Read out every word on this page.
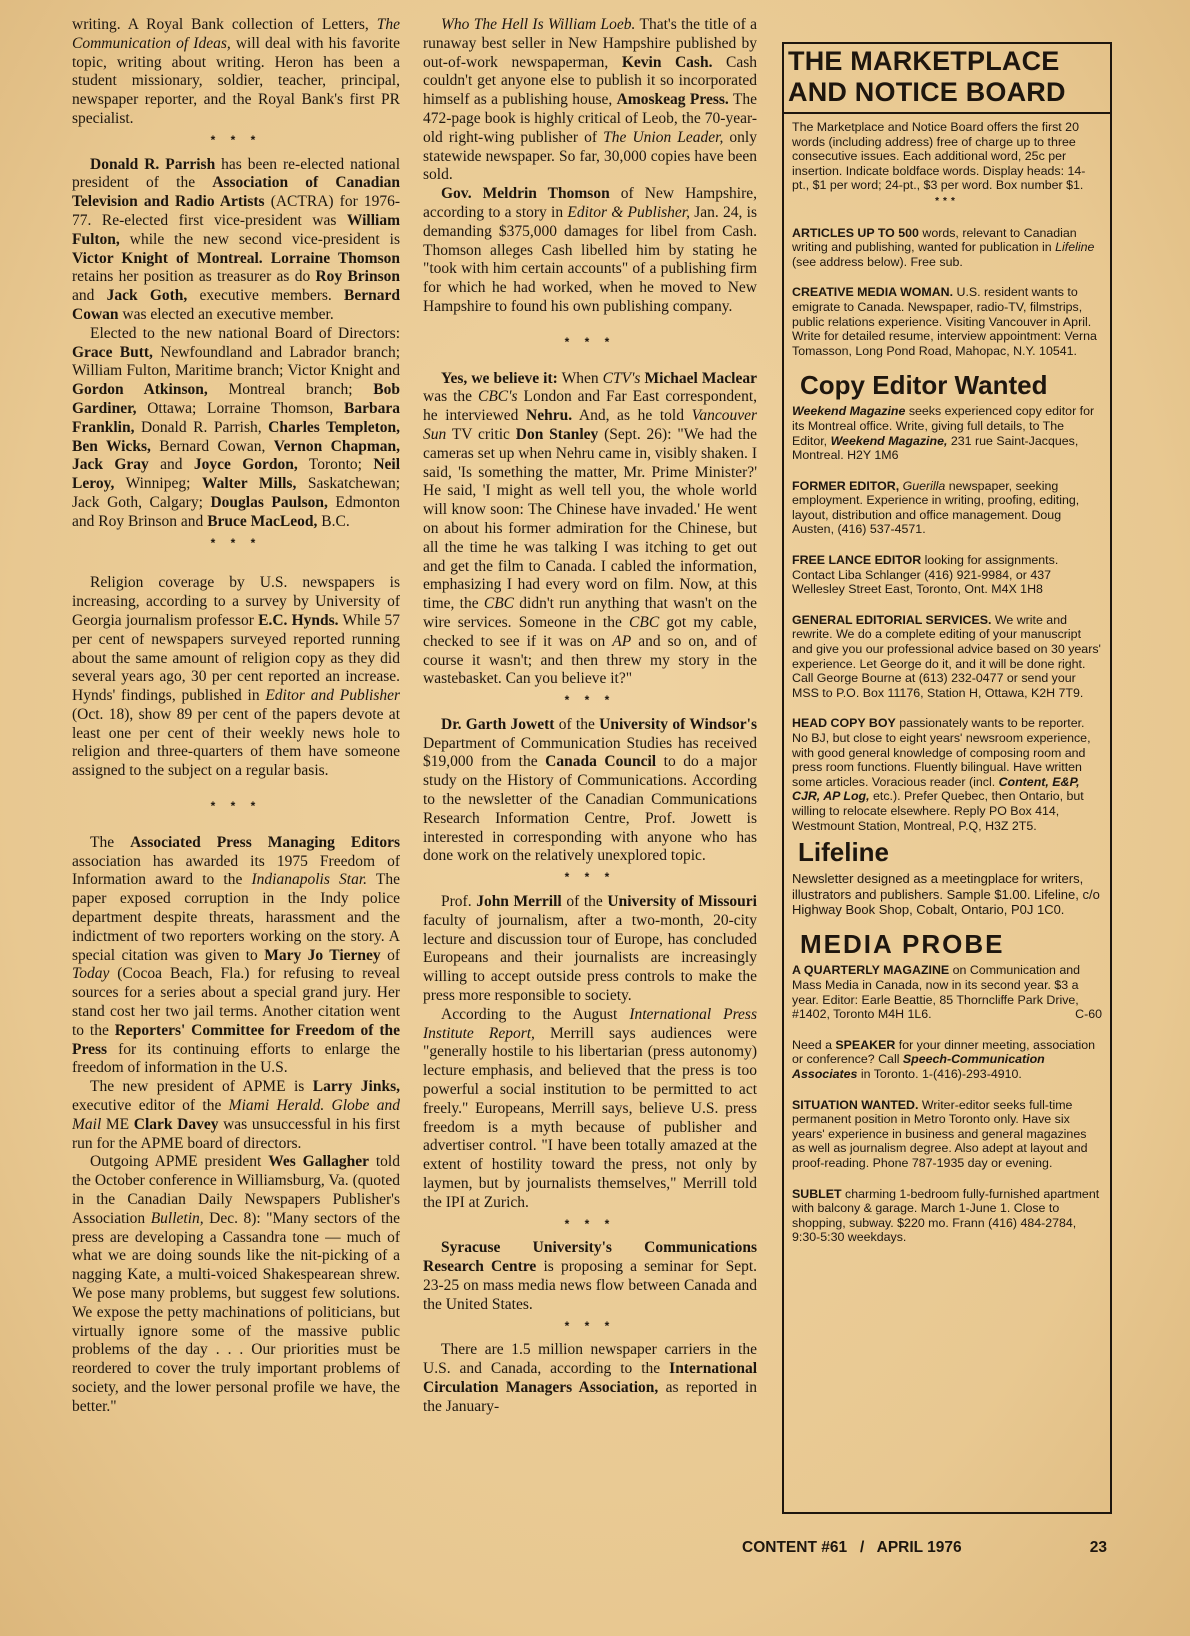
writing. A Royal Bank collection of Letters, The Communication of Ideas, will deal with his favorite topic, writing about writing. Heron has been a student missionary, soldier, teacher, principal, newspaper reporter, and the Royal Bank's first PR specialist.

* * *

Donald R. Parrish has been re-elected national president of the Association of Canadian Television and Radio Artists (ACTRA) for 1976-77. Re-elected first vice-president was William Fulton, while the new second vice-president is Victor Knight of Montreal. Lorraine Thomson retains her position as treasurer as do Roy Brinson and Jack Goth, executive members. Bernard Cowan was elected an executive member.

Elected to the new national Board of Directors: Grace Butt, Newfoundland and Labrador branch; William Fulton, Maritime branch; Victor Knight and Gordon Atkinson, Montreal branch; Bob Gardiner, Ottawa; Lorraine Thomson, Barbara Franklin, Donald R. Parrish, Charles Templeton, Ben Wicks, Bernard Cowan, Vernon Chapman, Jack Gray and Joyce Gordon, Toronto; Neil Leroy, Winnipeg; Walter Mills, Saskatchewan; Jack Goth, Calgary; Douglas Paulson, Edmonton and Roy Brinson and Bruce MacLeod, B.C.

* * *

Religion coverage by U.S. newspapers is increasing, according to a survey by University of Georgia journalism professor E.C. Hynds. While 57 per cent of newspapers surveyed reported running about the same amount of religion copy as they did several years ago, 30 per cent reported an increase. Hynds' findings, published in Editor and Publisher (Oct. 18), show 89 per cent of the papers devote at least one per cent of their weekly news hole to religion and three-quarters of them have someone assigned to the subject on a regular basis.

* * *

The Associated Press Managing Editors association has awarded its 1975 Freedom of Information award to the Indianapolis Star. The paper exposed corruption in the Indy police department despite threats, harassment and the indictment of two reporters working on the story. A special citation was given to Mary Jo Tierney of Today (Cocoa Beach, Fla.) for refusing to reveal sources for a series about a special grand jury. Her stand cost her two jail terms. Another citation went to the Reporters' Committee for Freedom of the Press for its continuing efforts to enlarge the freedom of information in the U.S.

The new president of APME is Larry Jinks, executive editor of the Miami Herald. Globe and Mail ME Clark Davey was unsuccessful in his first run for the APME board of directors.

Outgoing APME president Wes Gallagher told the October conference in Williamsburg, Va. (quoted in the Canadian Daily Newspapers Publisher's Association Bulletin, Dec. 8): "Many sectors of the press are developing a Cassandra tone — much of what we are doing sounds like the nit-picking of a nagging Kate, a multi-voiced Shakespearean shrew. We pose many problems, but suggest few solutions. We expose the petty machinations of politicians, but virtually ignore some of the massive public problems of the day . . . Our priorities must be reordered to cover the truly important problems of society, and the lower personal profile we have, the better."

Who The Hell Is William Loeb. That's the title of a runaway best seller in New Hampshire published by out-of-work newspaperman, Kevin Cash. Cash couldn't get anyone else to publish it so incorporated himself as a publishing house, Amoskeag Press. The 472-page book is highly critical of Leob, the 70-year-old right-wing publisher of The Union Leader, only statewide newspaper. So far, 30,000 copies have been sold.

Gov. Meldrin Thomson of New Hampshire, according to a story in Editor & Publisher, Jan. 24, is demanding $375,000 damages for libel from Cash. Thomson alleges Cash libelled him by stating he "took with him certain accounts" of a publishing firm for which he had worked, when he moved to New Hampshire to found his own publishing company.

* * *

Yes, we believe it: When CTV's Michael Maclear was the CBC's London and Far East correspondent, he interviewed Nehru. And, as he told Vancouver Sun TV critic Don Stanley (Sept. 26): "We had the cameras set up when Nehru came in, visibly shaken. I said, 'Is something the matter, Mr. Prime Minister?' He said, 'I might as well tell you, the whole world will know soon: The Chinese have invaded.' He went on about his former admiration for the Chinese, but all the time he was talking I was itching to get out and get the film to Canada. I cabled the information, emphasizing I had every word on film. Now, at this time, the CBC didn't run anything that wasn't on the wire services. Someone in the CBC got my cable, checked to see if it was on AP and so on, and of course it wasn't; and then threw my story in the wastebasket. Can you believe it?"

* * *

Dr. Garth Jowett of the University of Windsor's Department of Communication Studies has received $19,000 from the Canada Council to do a major study on the History of Communications. According to the newsletter of the Canadian Communications Research Information Centre, Prof. Jowett is interested in corresponding with anyone who has done work on the relatively unexplored topic.

* * *

Prof. John Merrill of the University of Missouri faculty of journalism, after a two-month, 20-city lecture and discussion tour of Europe, has concluded Europeans and their journalists are increasingly willing to accept outside press controls to make the press more responsible to society.

According to the August International Press Institute Report, Merrill says audiences were "generally hostile to his libertarian (press autonomy) lecture emphasis, and believed that the press is too powerful a social institution to be permitted to act freely." Europeans, Merrill says, believe U.S. press freedom is a myth because of publisher and advertiser control. "I have been totally amazed at the extent of hostility toward the press, not only by laymen, but by journalists themselves," Merrill told the IPI at Zurich.

* * *

Syracuse University's Communications Research Centre is proposing a seminar for Sept. 23-25 on mass media news flow between Canada and the United States.

* * *

There are 1.5 million newspaper carriers in the U.S. and Canada, according to the International Circulation Managers Association, as reported in the January-

THE MARKETPLACE
AND NOTICE BOARD
The Marketplace and Notice Board offers the first 20 words (including address) free of charge up to three consecutive issues. Each additional word, 25c per insertion. Indicate boldface words. Display heads: 14-pt., $1 per word; 24-pt., $3 per word. Box number $1.
***
ARTICLES UP TO 500 words, relevant to Canadian writing and publishing, wanted for publication in Lifeline (see address below). Free sub.
CREATIVE MEDIA WOMAN. U.S. resident wants to emigrate to Canada. Newspaper, radio-TV, filmstrips, public relations experience. Visiting Vancouver in April. Write for detailed resume, interview appointment: Verna Tomasson, Long Pond Road, Mahopac, N.Y. 10541.
Copy Editor Wanted
Weekend Magazine seeks experienced copy editor for its Montreal office. Write, giving full details, to The Editor, Weekend Magazine, 231 rue Saint-Jacques, Montreal. H2Y 1M6
FORMER EDITOR, Guerilla newspaper, seeking employment. Experience in writing, proofing, editing, layout, distribution and office management. Doug Austen, (416) 537-4571.
FREE LANCE EDITOR looking for assignments. Contact Liba Schlanger (416) 921-9984, or 437 Wellesley Street East, Toronto, Ont. M4X 1H8
GENERAL EDITORIAL SERVICES. We write and rewrite. We do a complete editing of your manuscript and give you our professional advice based on 30 years' experience. Let George do it, and it will be done right. Call George Bourne at (613) 232-0477 or send your MSS to P.O. Box 11176, Station H, Ottawa, K2H 7T9.
HEAD COPY BOY passionately wants to be reporter. No BJ, but close to eight years' newsroom experience, with good general knowledge of composing room and press room functions. Fluently bilingual. Have written some articles. Voracious reader (incl. Content, E&P, CJR, AP Log, etc.). Prefer Quebec, then Ontario, but willing to relocate elsewhere. Reply PO Box 414, Westmount Station, Montreal, P.Q, H3Z 2T5.
Lifeline
Newsletter designed as a meetingplace for writers, illustrators and publishers. Sample $1.00. Lifeline, c/o Highway Book Shop, Cobalt, Ontario, P0J 1C0.
MEDIA PROBE
A QUARTERLY MAGAZINE on Communication and Mass Media in Canada, now in its second year. $3 a year. Editor: Earle Beattie, 85 Thorncliffe Park Drive, #1402, Toronto M4H 1L6.	C-60
Need a SPEAKER for your dinner meeting, association or conference? Call Speech-Communication Associates in Toronto. 1-(416)-293-4910.
SITUATION WANTED. Writer-editor seeks full-time permanent position in Metro Toronto only. Have six years' experience in business and general magazines as well as journalism degree. Also adept at layout and proof-reading. Phone 787-1935 day or evening.
SUBLET charming 1-bedroom fully-furnished apartment with balcony & garage. March 1-June 1. Close to shopping, subway. $220 mo. Frann (416) 484-2784, 9:30-5:30 weekdays.
CONTENT #61   /   APRIL 1976	23
